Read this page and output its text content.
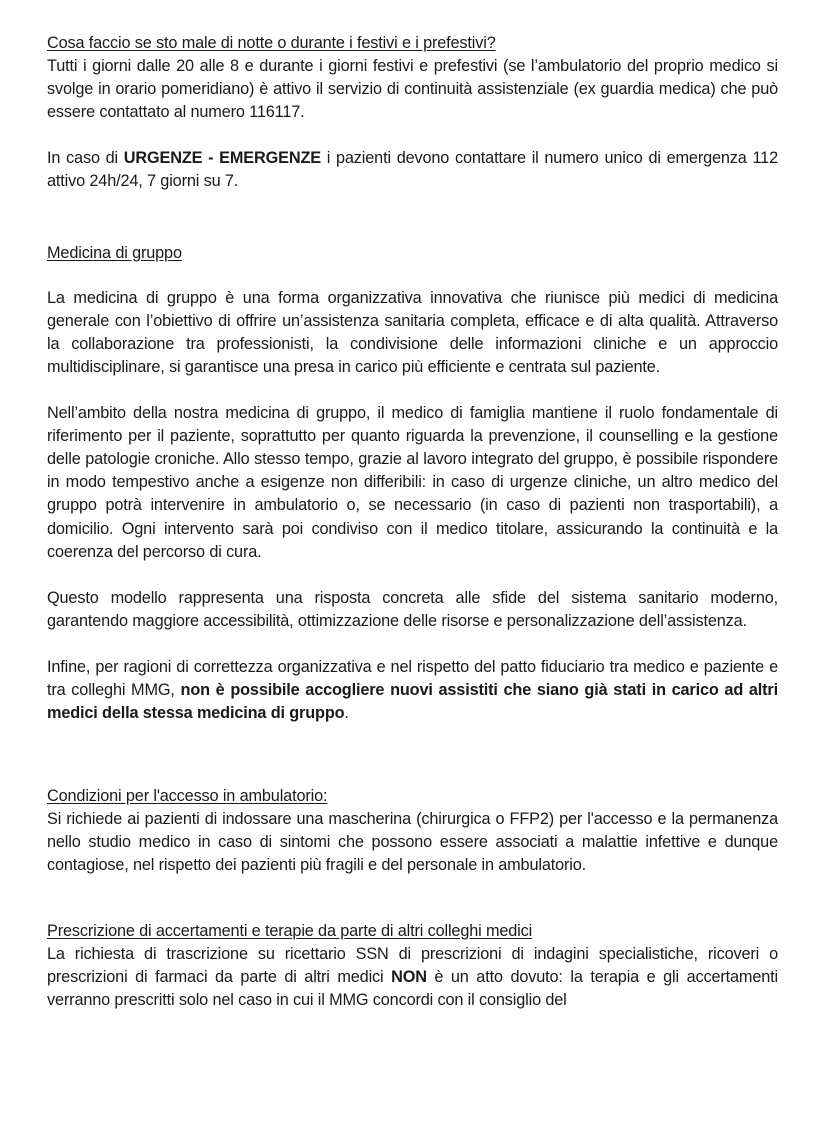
Cosa faccio se sto male di notte o durante i festivi e i prefestivi?

Tutti i giorni dalle 20 alle 8 e durante i giorni festivi e prefestivi (se l’ambulatorio del proprio medico si svolge in orario pomeridiano) è attivo il servizio di continuità assistenziale (ex guardia medica) che può essere contattato al numero 116117.

In caso di URGENZE - EMERGENZE i pazienti devono contattare il numero unico di emergenza 112 attivo 24h/24, 7 giorni su 7.

Medicina di gruppo

La medicina di gruppo è una forma organizzativa innovativa che riunisce più medici di medicina generale con l’obiettivo di offrire un’assistenza sanitaria completa, efficace e di alta qualità. Attraverso la collaborazione tra professionisti, la condivisione delle informazioni cliniche e un approccio multidisciplinare, si garantisce una presa in carico più efficiente e centrata sul paziente.

Nell’ambito della nostra medicina di gruppo, il medico di famiglia mantiene il ruolo fondamentale di riferimento per il paziente, soprattutto per quanto riguarda la prevenzione, il counselling e la gestione delle patologie croniche. Allo stesso tempo, grazie al lavoro integrato del gruppo, è possibile rispondere in modo tempestivo anche a esigenze non differibili: in caso di urgenze cliniche, un altro medico del gruppo potrà intervenire in ambulatorio o, se necessario (in caso di pazienti non trasportabili), a domicilio. Ogni intervento sarà poi condiviso con il medico titolare, assicurando la continuità e la coerenza del percorso di cura.

Questo modello rappresenta una risposta concreta alle sfide del sistema sanitario moderno, garantendo maggiore accessibilità, ottimizzazione delle risorse e personalizzazione dell’assistenza.

Infine, per ragioni di correttezza organizzativa e nel rispetto del patto fiduciario tra medico e paziente e tra colleghi MMG, non è possibile accogliere nuovi assistiti che siano già stati in carico ad altri medici della stessa medicina di gruppo.

Condizioni per l'accesso in ambulatorio:

Si richiede ai pazienti di indossare una mascherina (chirurgica o FFP2) per l'accesso e la permanenza nello studio medico in caso di sintomi che possono essere associati a malattie infettive e dunque contagiose, nel rispetto dei pazienti più fragili e del personale in ambulatorio.

Prescrizione di accertamenti e terapie da parte di altri colleghi medici

La richiesta di trascrizione su ricettario SSN di prescrizioni di indagini specialistiche, ricoveri o prescrizioni di farmaci da parte di altri medici NON è un atto dovuto: la terapia e gli accertamenti verranno prescritti solo nel caso in cui il MMG concordi con il consiglio del
